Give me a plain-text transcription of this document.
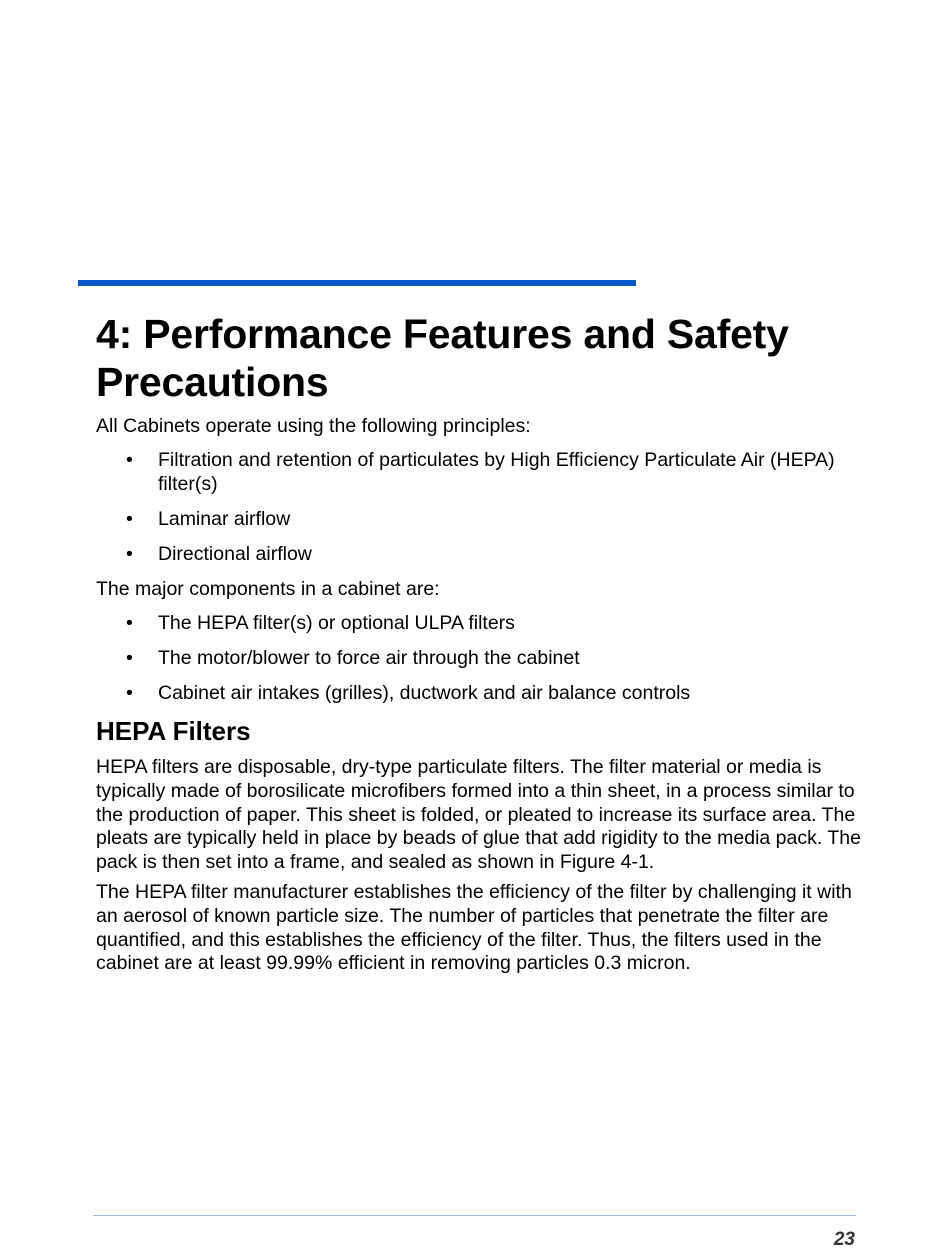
4: Performance Features and Safety
Precautions

All Cabinets operate using the following principles:

• Filtration and retention of particulates by High Efficiency Particulate Air (HEPA) filter(s)
• Laminar airflow
• Directional airflow

The major components in a cabinet are:

• The HEPA filter(s) or optional ULPA filters
• The motor/blower to force air through the cabinet
• Cabinet air intakes (grilles), ductwork and air balance controls
HEPA Filters

HEPA filters are disposable, dry-type particulate filters. The filter material or media is typically made of borosilicate microfibers formed into a thin sheet, in a process similar to the production of paper. This sheet is folded, or pleated to increase its surface area. The pleats are typically held in place by beads of glue that add rigidity to the media pack. The pack is then set into a frame, and sealed as shown in Figure 4-1.

The HEPA filter manufacturer establishes the efficiency of the filter by challenging it with an aerosol of known particle size. The number of particles that penetrate the filter are quantified, and this establishes the efficiency of the filter. Thus, the filters used in the cabinet are at least 99.99% efficient in removing particles 0.3 micron.

23
